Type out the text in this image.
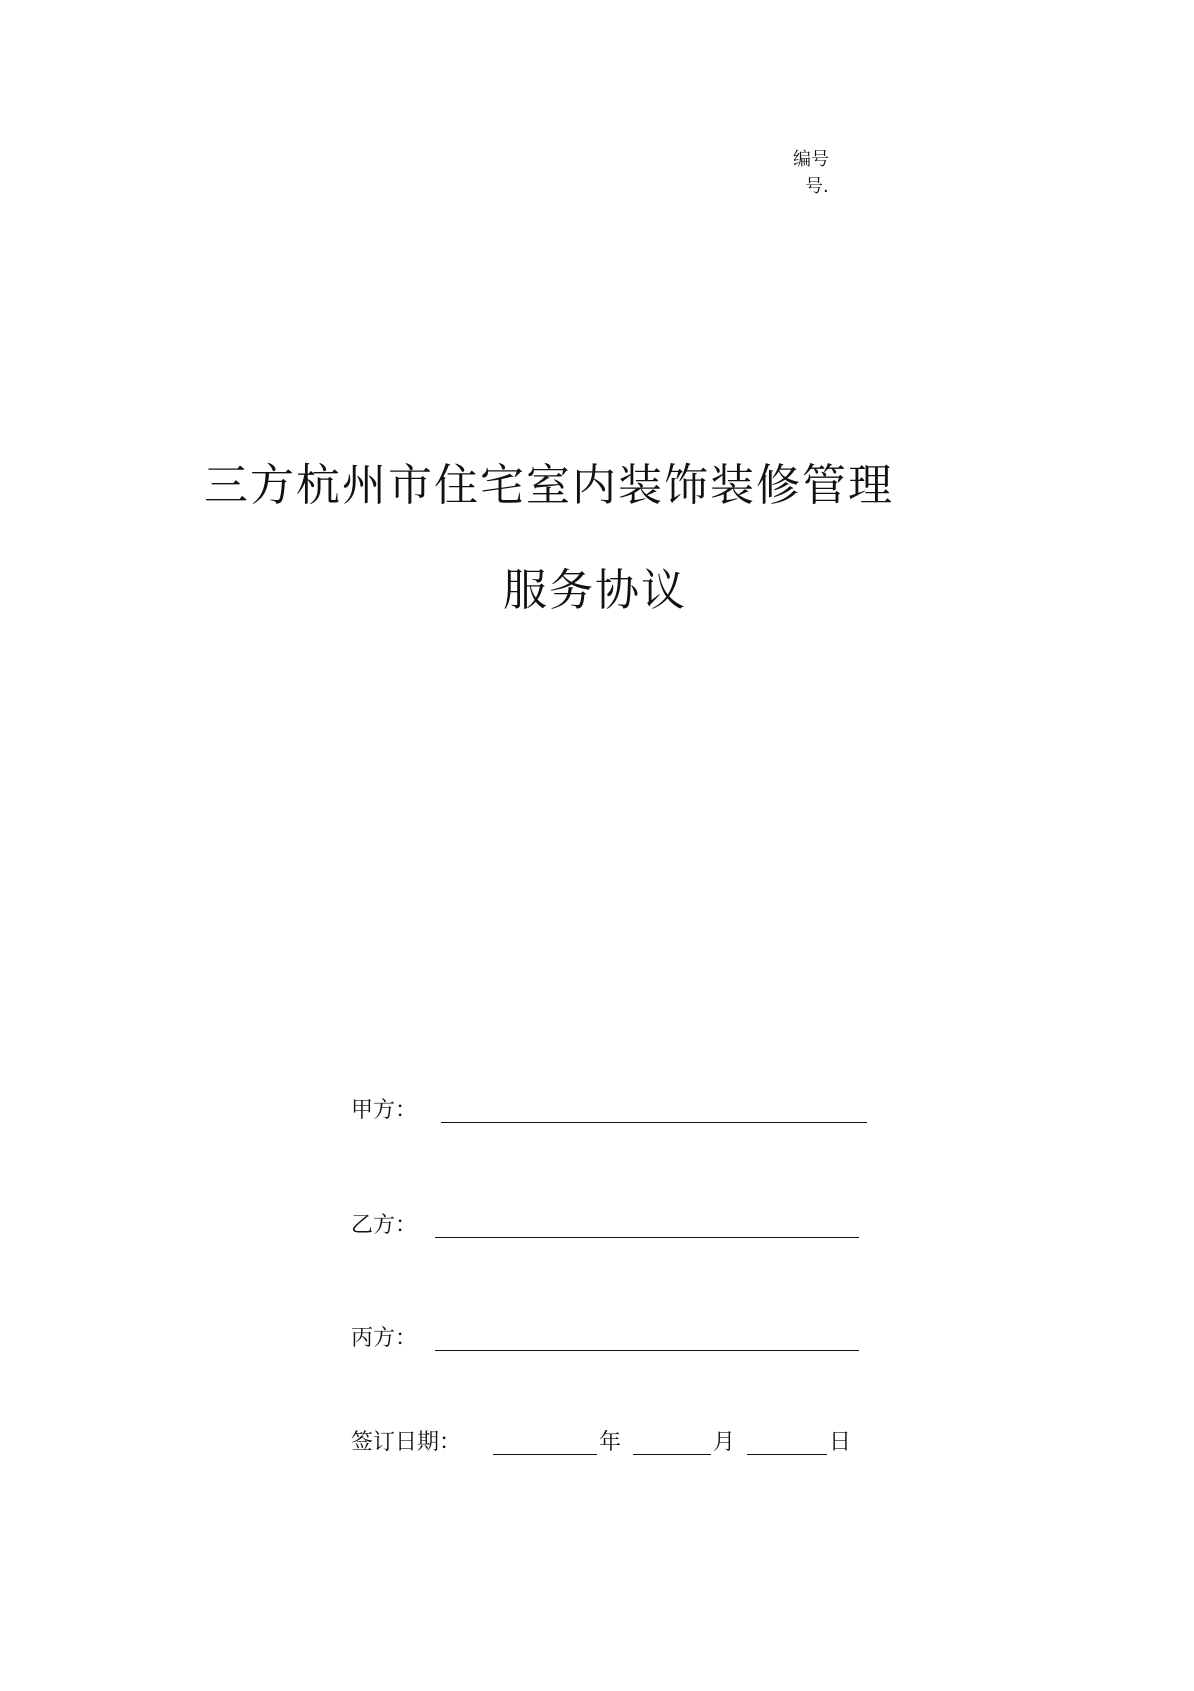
编号
号.
三方杭州市住宅室内装饰装修管理
服务协议
甲方：
乙方：
丙方：
签订日期：	年	月	日
